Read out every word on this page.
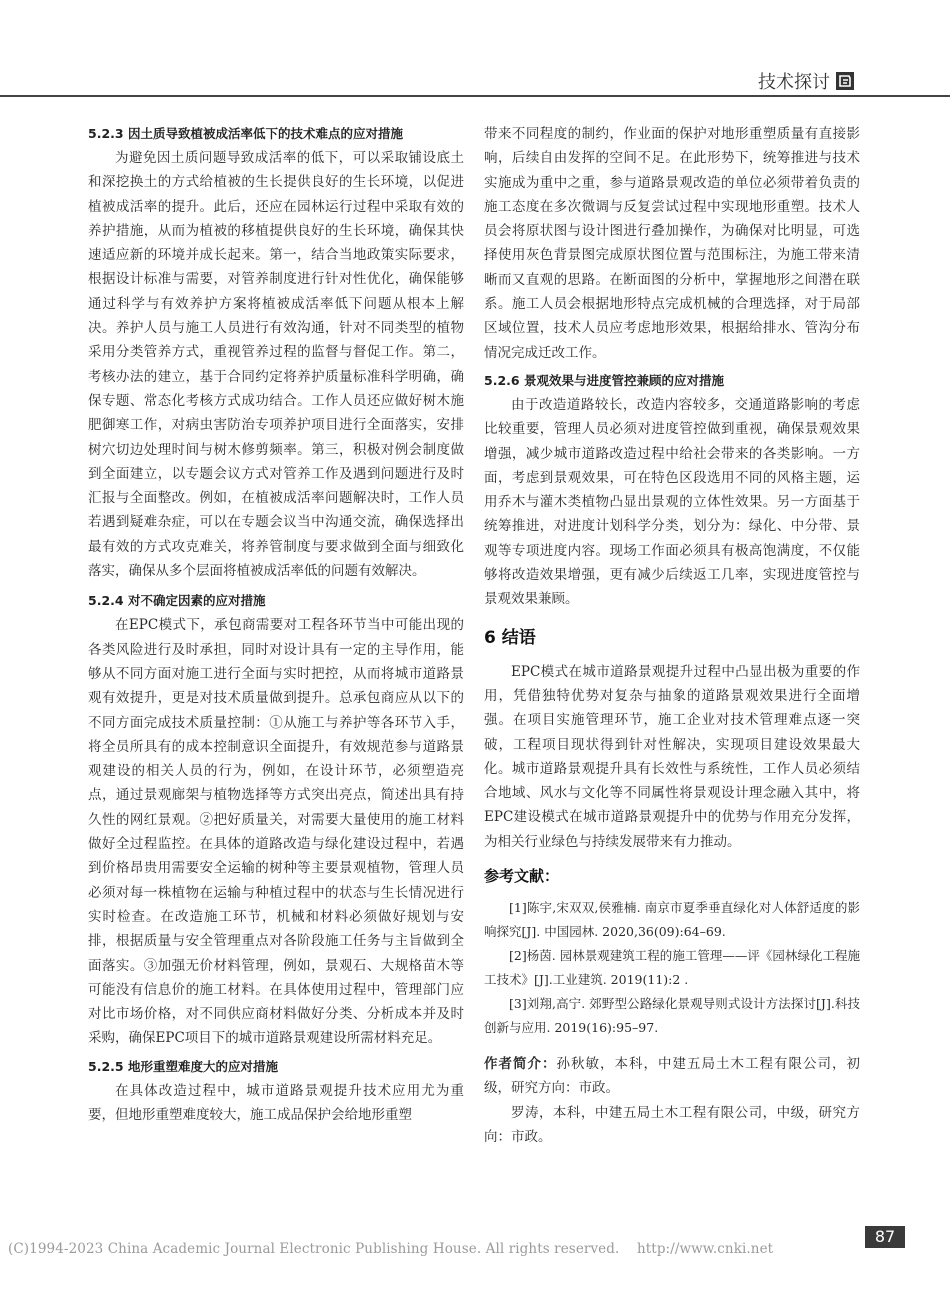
技术探讨
5.2.3 因土质导致植被成活率低下的技术难点的应对措施

为避免因土质问题导致成活率的低下，可以采取铺设底土和深挖换土的方式给植被的生长提供良好的生长环境，以促进植被成活率的提升。此后，还应在园林运行过程中采取有效的养护措施，从而为植被的移植提供良好的生长环境，确保其快速适应新的环境并成长起来。第一，结合当地政策实际要求，根据设计标准与需要，对管养制度进行针对性优化，确保能够通过科学与有效养护方案将植被成活率低下问题从根本上解决。养护人员与施工人员进行有效沟通，针对不同类型的植物采用分类管养方式，重视管养过程的监督与督促工作。第二，考核办法的建立，基于合同约定将养护质量标准科学明确，确保专题、常态化考核方式成功结合。工作人员还应做好树木施肥御寒工作，对病虫害防治专项养护项目进行全面落实，安排树穴切边处理时间与树木修剪频率。第三，积极对例会制度做到全面建立，以专题会议方式对管养工作及遇到问题进行及时汇报与全面整改。例如，在植被成活率问题解决时，工作人员若遇到疑难杂症，可以在专题会议当中沟通交流，确保选择出最有效的方式攻克难关，将养管制度与要求做到全面与细致化落实，确保从多个层面将植被成活率低的问题有效解决。

5.2.4 对不确定因素的应对措施

在EPC模式下，承包商需要对工程各环节当中可能出现的各类风险进行及时承担，同时对设计具有一定的主导作用，能够从不同方面对施工进行全面与实时把控，从而将城市道路景观有效提升，更是对技术质量做到提升。总承包商应从以下的不同方面完成技术质量控制：①从施工与养护等各环节入手，将全员所具有的成本控制意识全面提升，有效规范参与道路景观建设的相关人员的行为，例如，在设计环节，必须塑造亮点，通过景观廊架与植物选择等方式突出亮点，简述出具有持久性的网红景观。②把好质量关，对需要大量使用的施工材料做好全过程监控。在具体的道路改造与绿化建设过程中，若遇到价格昂贵用需要安全运输的树种等主要景观植物，管理人员必须对每一株植物在运输与种植过程中的状态与生长情况进行实时检查。在改造施工环节，机械和材料必须做好规划与安排，根据质量与安全管理重点对各阶段施工任务与主旨做到全面落实。③加强无价材料管理，例如，景观石、大规格苗木等可能没有信息价的施工材料。在具体使用过程中，管理部门应对比市场价格，对不同供应商材料做好分类、分析成本并及时采购，确保EPC项目下的城市道路景观建设所需材料充足。

5.2.5 地形重塑难度大的应对措施

在具体改造过程中，城市道路景观提升技术应用尤为重要，但地形重塑难度较大，施工成品保护会给地形重塑

带来不同程度的制约，作业面的保护对地形重塑质量有直接影响，后续自由发挥的空间不足。在此形势下，统筹推进与技术实施成为重中之重，参与道路景观改造的单位必须带着负责的施工态度在多次微调与反复尝试过程中实现地形重塑。技术人员会将原状图与设计图进行叠加操作，为确保对比明显，可选择使用灰色背景图完成原状图位置与范围标注，为施工带来清晰而又直观的思路。在断面图的分析中，掌握地形之间潜在联系。施工人员会根据地形特点完成机械的合理选择，对于局部区域位置，技术人员应考虑地形效果，根据给排水、管沟分布情况完成迁改工作。

5.2.6 景观效果与进度管控兼顾的应对措施

由于改造道路较长，改造内容较多，交通道路影响的考虑比较重要，管理人员必须对进度管控做到重视，确保景观效果增强，减少城市道路改造过程中给社会带来的各类影响。一方面，考虑到景观效果，可在特色区段选用不同的风格主题，运用乔木与灌木类植物凸显出景观的立体性效果。另一方面基于统筹推进，对进度计划科学分类，划分为：绿化、中分带、景观等专项进度内容。现场工作面必须具有极高饱满度，不仅能够将改造效果增强，更有减少后续返工几率，实现进度管控与景观效果兼顾。

6 结语

EPC模式在城市道路景观提升过程中凸显出极为重要的作用，凭借独特优势对复杂与抽象的道路景观效果进行全面增强。在项目实施管理环节，施工企业对技术管理难点逐一突破，工程项目现状得到针对性解决，实现项目建设效果最大化。城市道路景观提升具有长效性与系统性，工作人员必须结合地域、风水与文化等不同属性将景观设计理念融入其中，将EPC建设模式在城市道路景观提升中的优势与作用充分发挥，为相关行业绿色与持续发展带来有力推动。

参考文献：

[1]陈宇,宋双双,侯雅楠. 南京市夏季垂直绿化对人体舒适度的影响探究[J]. 中国园林. 2020,36(09):64–69.

[2]杨茵. 园林景观建筑工程的施工管理——评《园林绿化工程施工技术》[J].工业建筑. 2019(11):2 .

[3]刘翔,高宁. 郊野型公路绿化景观导则式设计方法探讨[J].科技创新与应用. 2019(16):95–97.

作者简介：孙秋敏，本科，中建五局土木工程有限公司，初级，研究方向：市政。

罗涛，本科，中建五局土木工程有限公司，中级，研究方向：市政。

87
(C)1994-2023 China Academic Journal Electronic Publishing House. All rights reserved.    http://www.cnki.net
